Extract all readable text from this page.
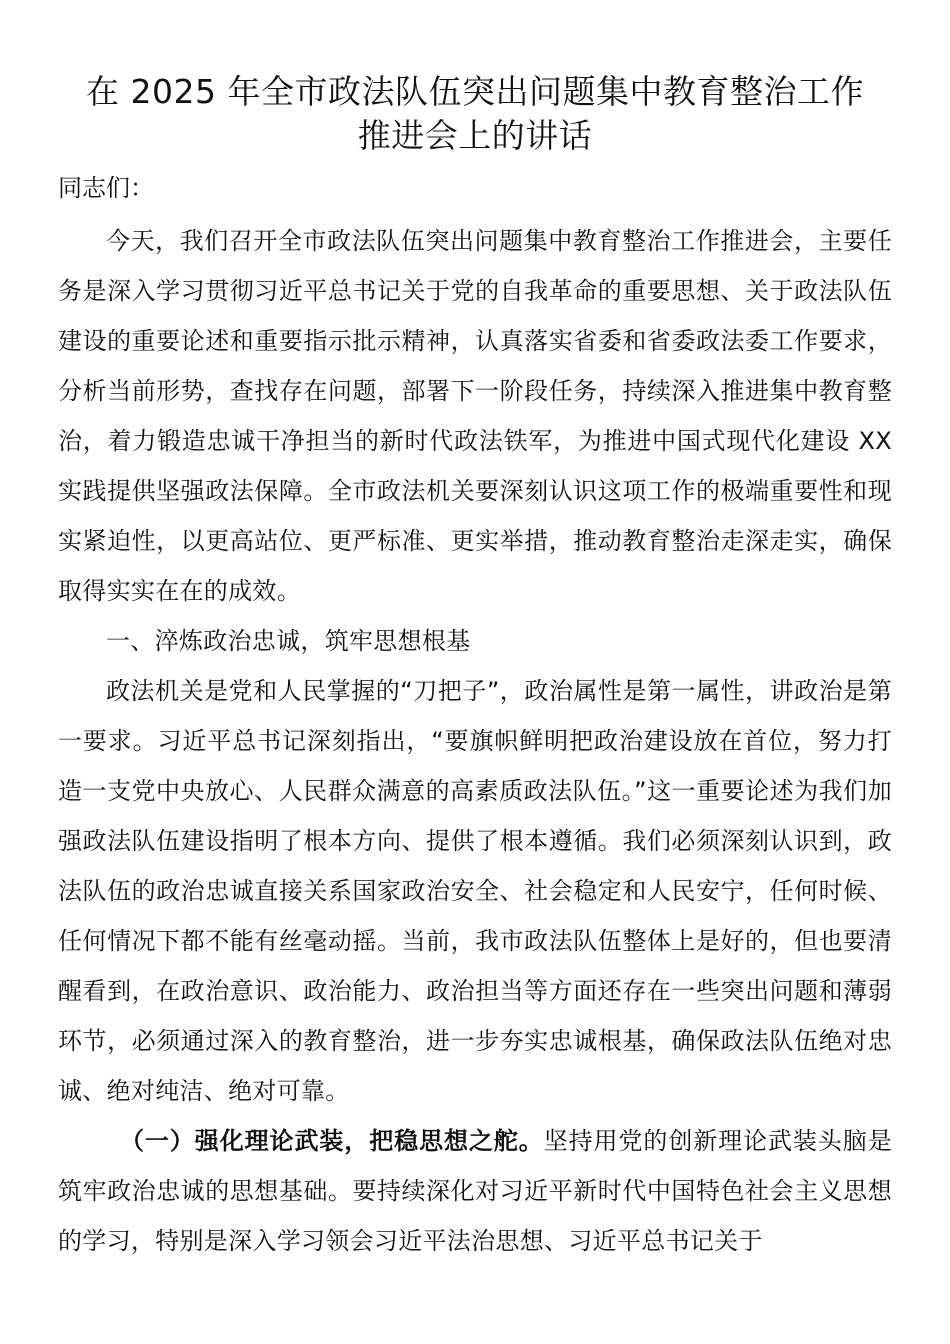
在 2025 年全市政法队伍突出问题集中教育整治工作
推进会上的讲话

同志们：

今天，我们召开全市政法队伍突出问题集中教育整治工作推进会，主要任务是深入学习贯彻习近平总书记关于党的自我革命的重要思想、关于政法队伍建设的重要论述和重要指示批示精神，认真落实省委和省委政法委工作要求，分析当前形势，查找存在问题，部署下一阶段任务，持续深入推进集中教育整治，着力锻造忠诚干净担当的新时代政法铁军，为推进中国式现代化建设 XX 实践提供坚强政法保障。全市政法机关要深刻认识这项工作的极端重要性和现实紧迫性，以更高站位、更严标准、更实举措，推动教育整治走深走实，确保取得实实在在的成效。

一、淬炼政治忠诚，筑牢思想根基

政法机关是党和人民掌握的“刀把子”，政治属性是第一属性，讲政治是第一要求。习近平总书记深刻指出，“要旗帜鲜明把政治建设放在首位，努力打造一支党中央放心、人民群众满意的高素质政法队伍。”这一重要论述为我们加强政法队伍建设指明了根本方向、提供了根本遵循。我们必须深刻认识到，政法队伍的政治忠诚直接关系国家政治安全、社会稳定和人民安宁，任何时候、任何情况下都不能有丝毫动摇。当前，我市政法队伍整体上是好的，但也要清醒看到，在政治意识、政治能力、政治担当等方面还存在一些突出问题和薄弱环节，必须通过深入的教育整治，进一步夯实忠诚根基，确保政法队伍绝对忠诚、绝对纯洁、绝对可靠。

（一）强化理论武装，把稳思想之舵。坚持用党的创新理论武装头脑是筑牢政治忠诚的思想基础。要持续深化对习近平新时代中国特色社会主义思想的学习，特别是深入学习领会习近平法治思想、习近平总书记关于
